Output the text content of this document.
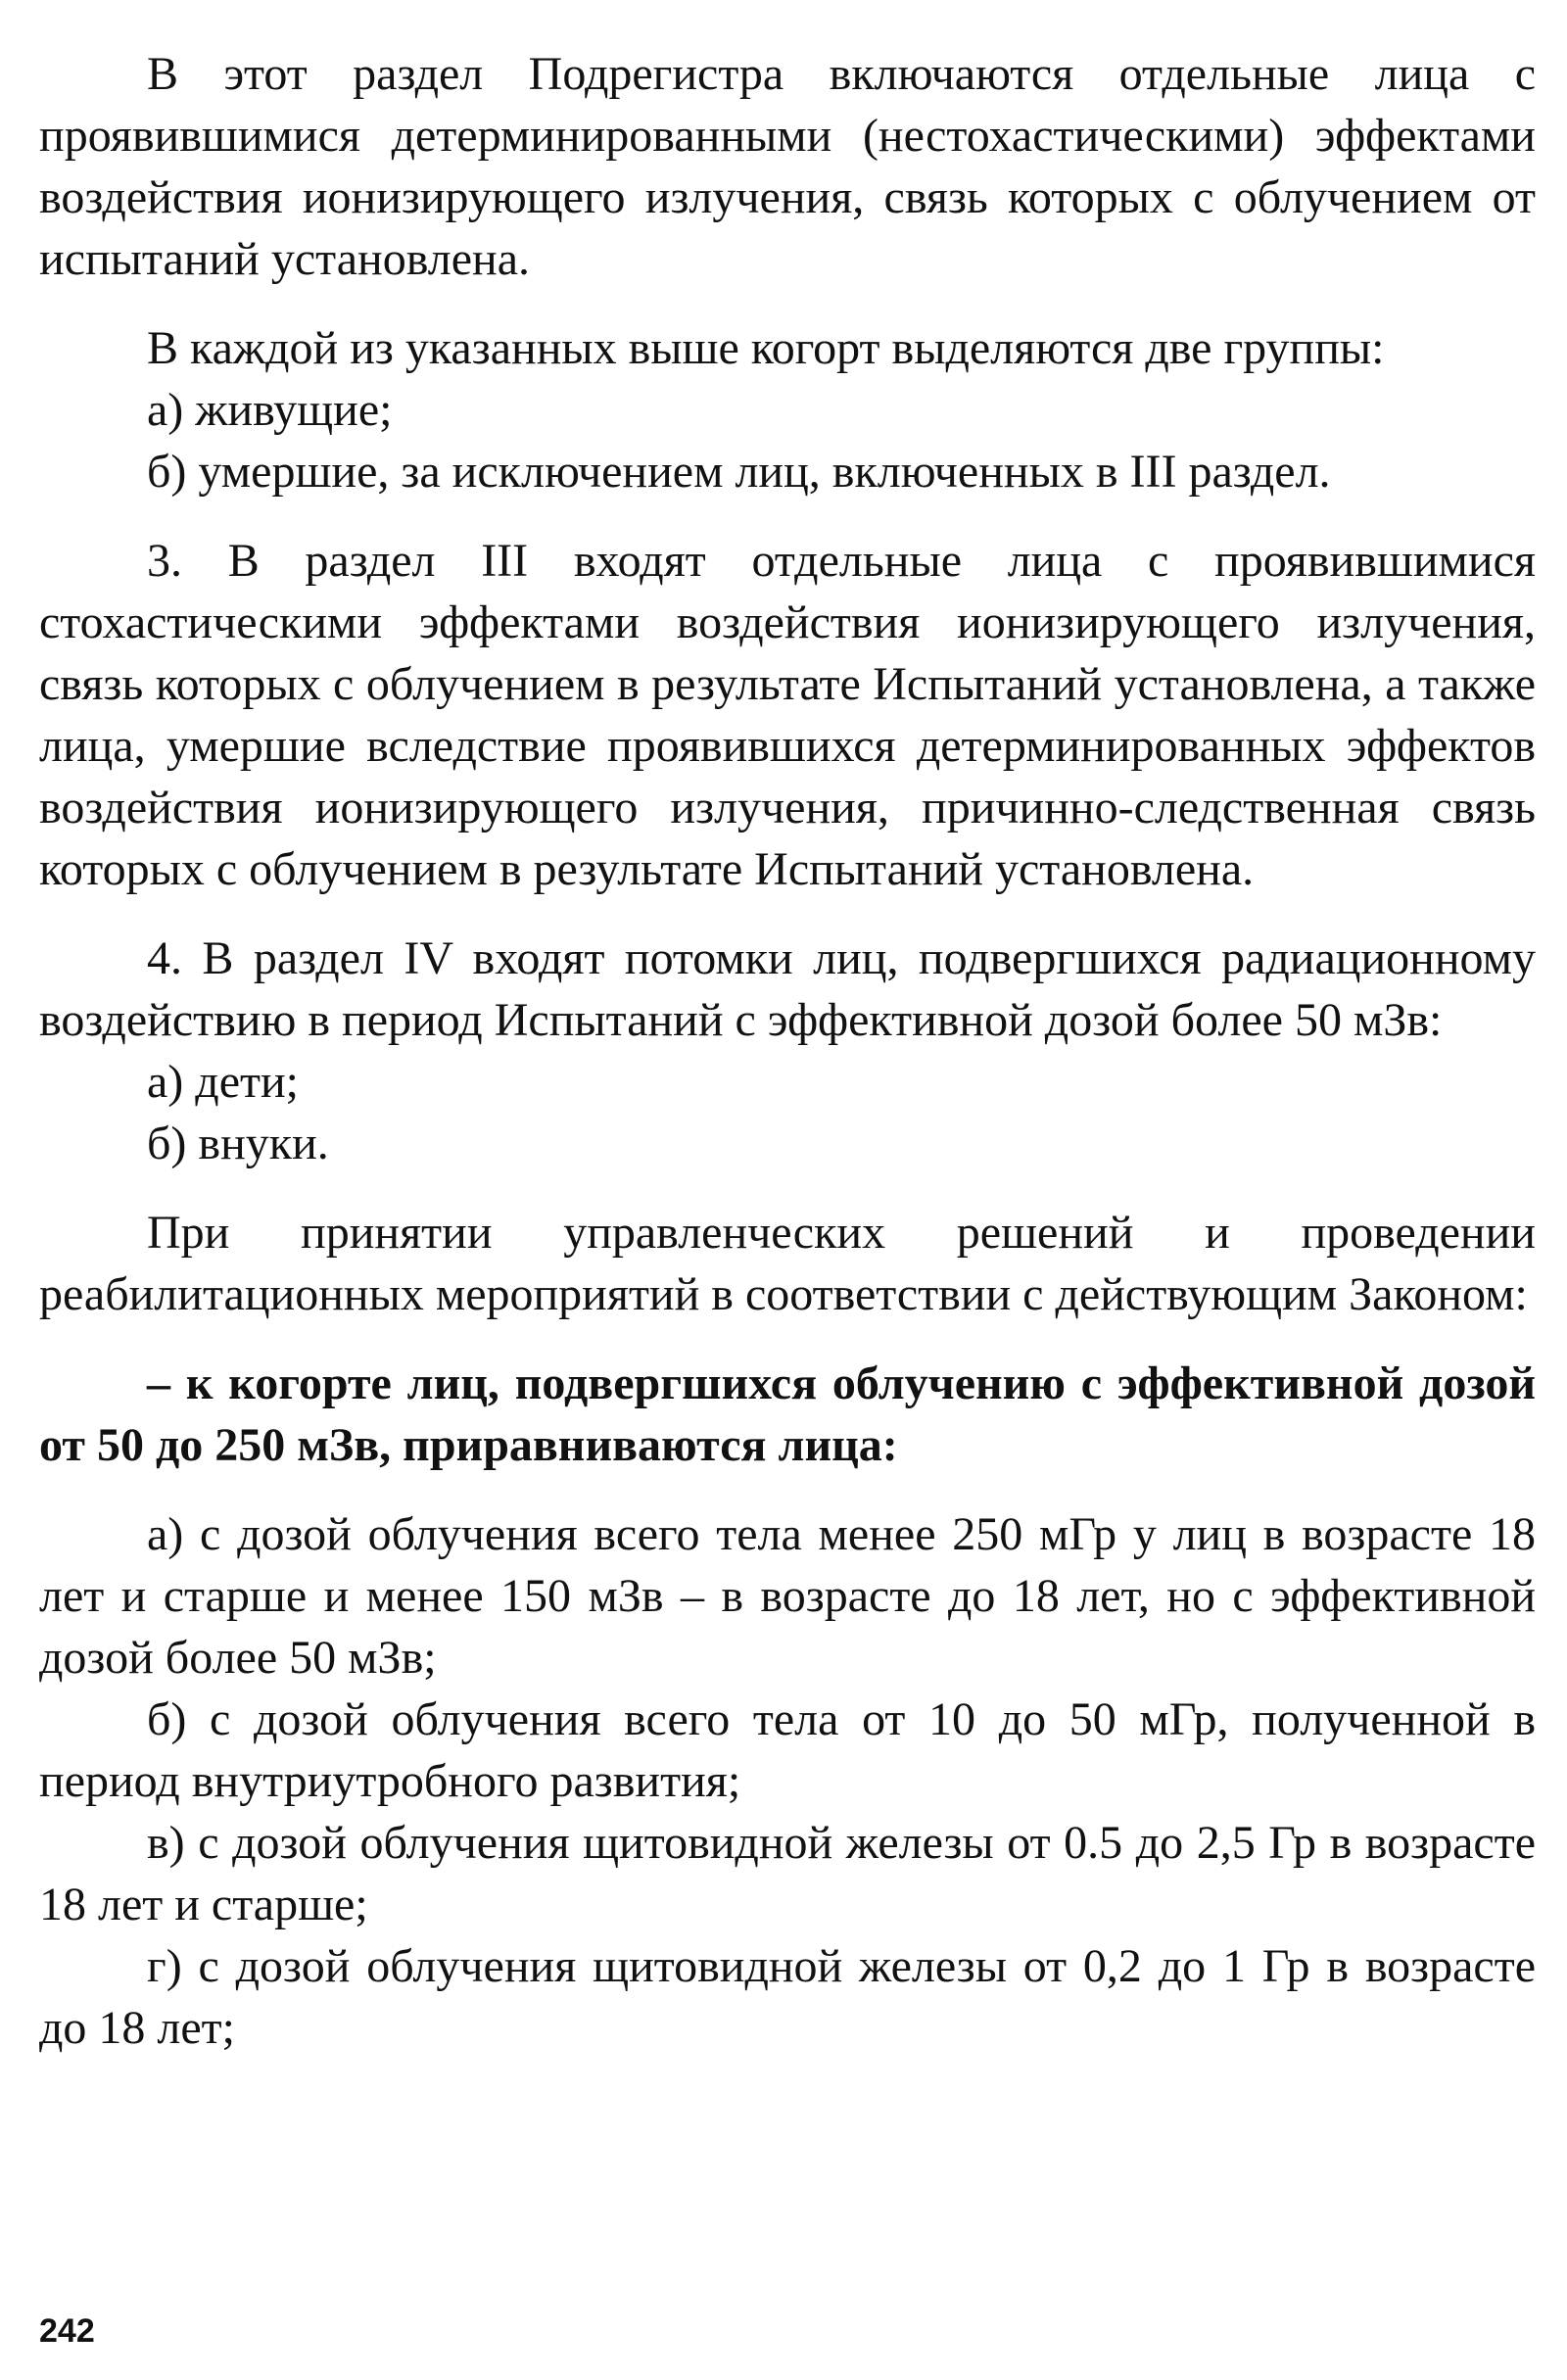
В этот раздел Подрегистра включаются отдельные лица с проявившимися детерминированными (нестохастическими) эффектами воздействия ионизирующего излучения, связь которых с облучением от испытаний установлена.

В каждой из указанных выше когорт выделяются две группы:

а) живущие;

б) умершие, за исключением лиц, включенных в III раздел.

3. В раздел III входят отдельные лица с проявившимися стохастическими эффектами воздействия ионизирующего излучения, связь которых с облучением в результате Испытаний установлена, а также лица, умершие вследствие проявившихся детерминированных эффектов воздействия ионизирующего излучения, причинно-следственная связь которых с облучением в результате Испытаний установлена.

4. В раздел IV входят потомки лиц, подвергшихся радиационному воздействию в период Испытаний с эффективной дозой более 50 мЗв:

а) дети;

б) внуки.

При принятии управленческих решений и проведении реабилитационных мероприятий в соответствии с действующим Законом:

– к когорте лиц, подвергшихся облучению с эффективной дозой от 50 до 250 мЗв, приравниваются лица:

а) с дозой облучения всего тела менее 250 мГр у лиц в возрасте 18 лет и старше и менее 150 мЗв – в возрасте до 18 лет, но с эффективной дозой более 50 мЗв;

б) с дозой облучения всего тела от 10 до 50 мГр, полученной в период внутриутробного развития;

в) с дозой облучения щитовидной железы от 0.5 до 2,5 Гр в возрасте 18 лет и старше;

г) с дозой облучения щитовидной железы от 0,2 до 1 Гр в возрасте до 18 лет;

242
